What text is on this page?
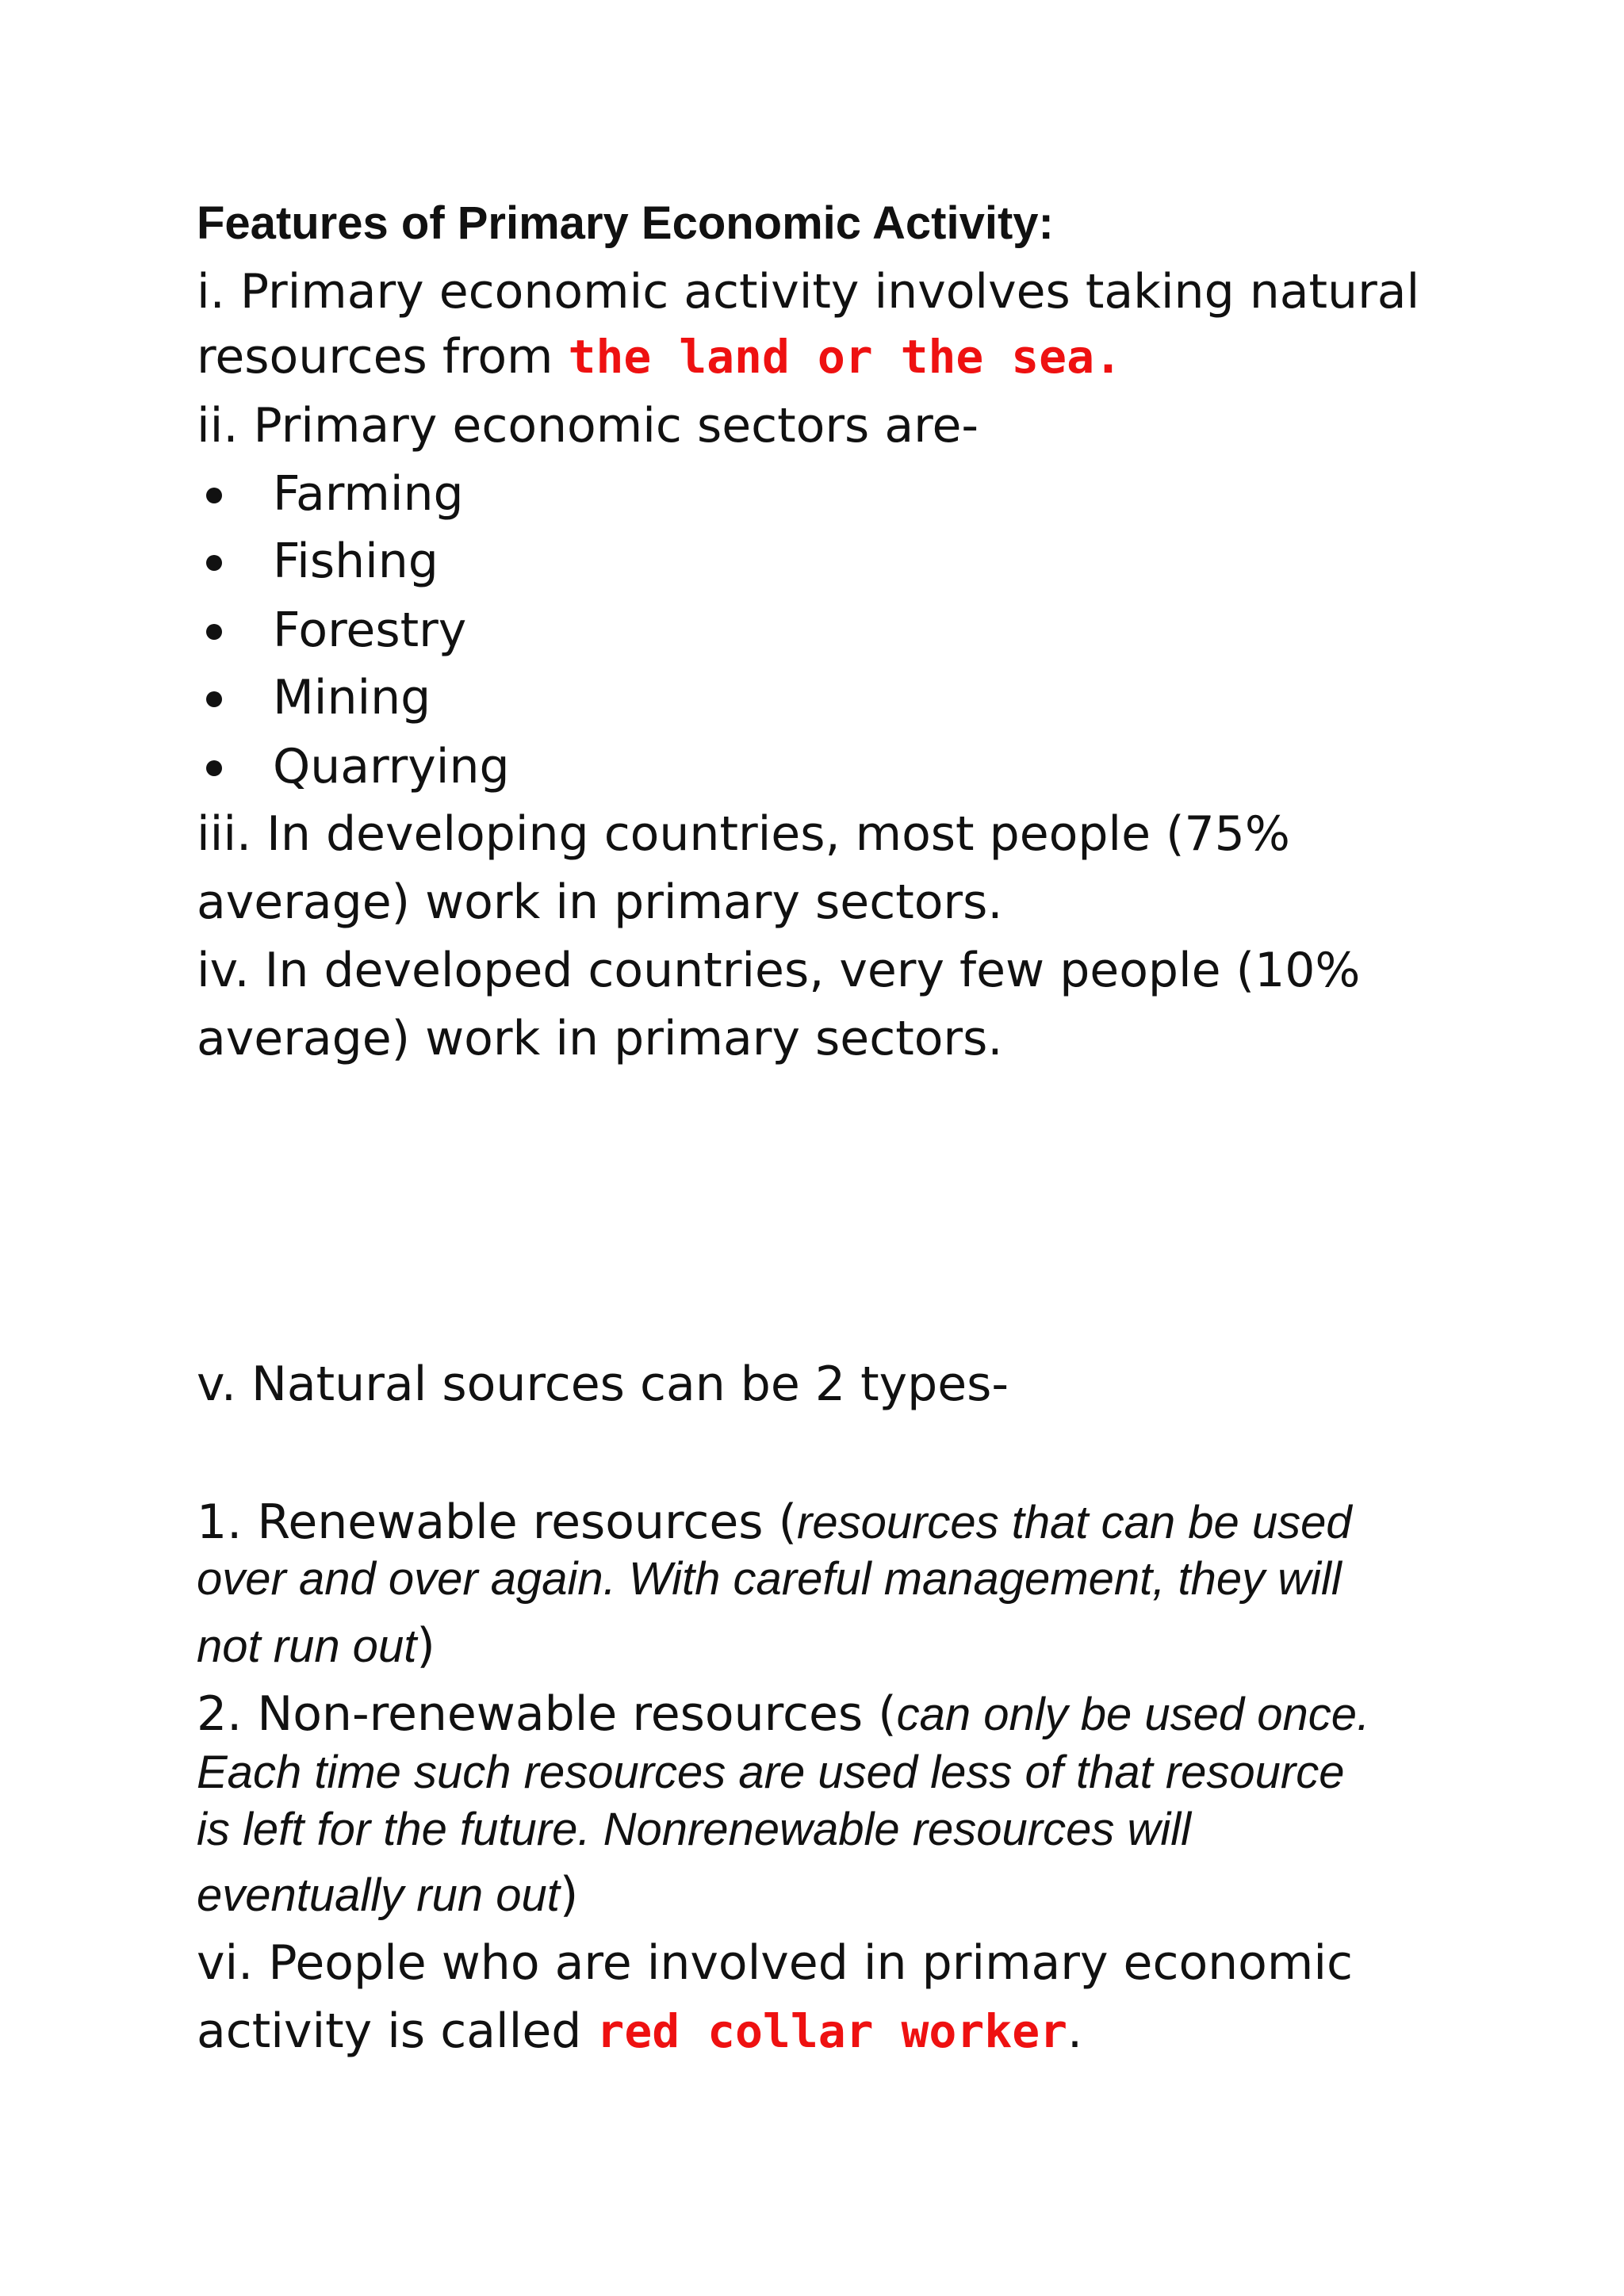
Features of Primary Economic Activity:
i. Primary economic activity involves taking natural
resources from the land or the sea.
ii. Primary economic sectors are-
Farming
Fishing
Forestry
Mining
Quarrying
iii. In developing countries, most people (75%
average) work in primary sectors.
iv. In developed countries, very few people (10%
average) work in primary sectors.
v. Natural sources can be 2 types-
1. Renewable resources (resources that can be used
over and over again. With careful management, they will
not run out)
2. Non-renewable resources (can only be used once.
Each time such resources are used less of that resource
is left for the future. Nonrenewable resources will
eventually run out)
vi. People who are involved in primary economic
activity is called red collar worker.
